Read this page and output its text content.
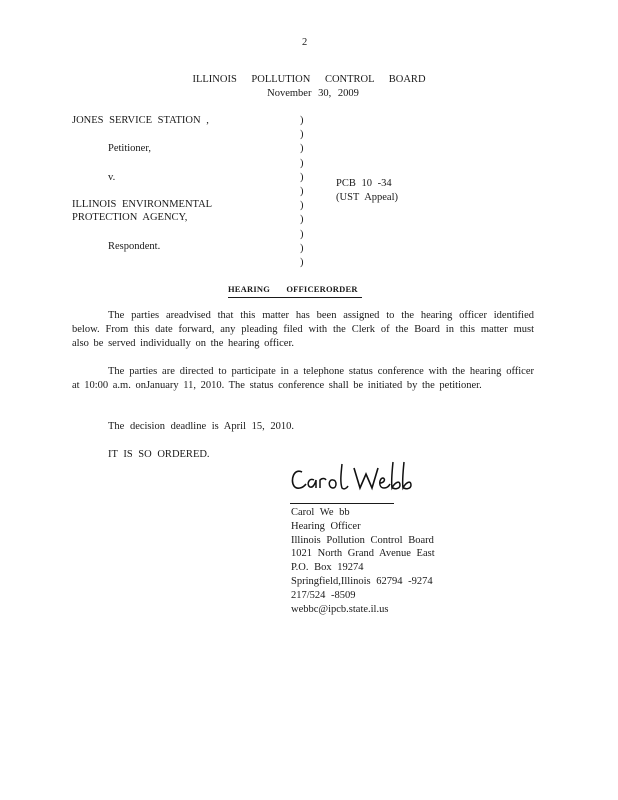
2
ILLINOIS POLLUTION CONTROL BOARD
November 30, 2009
JONES SERVICE STATION ,
Petitioner,
v.
ILLINOIS ENVIRONMENTAL
PROTECTION AGENCY,
Respondent.
)
)
)
)
)
)
)
)
)
)
)
PCB 10 -34
(UST Appeal)
HEARING OFFICERORDER
The parties areadvised that this matter has been assigned to the hearing officer identified below. From this date forward, any pleading filed with the Clerk of the Board in this matter must also be served individually on the hearing officer.
The parties are directed to participate in a telephone status conference with the hearing officer at 10:00 a.m. onJanuary 11, 2010. The status conference shall be initiated by the petitioner.
The decision deadline is April 15, 2010.
IT IS SO ORDERED.
Carol We bb
Hearing Officer
Illinois Pollution Control Board
1021 North Grand Avenue East
P.O. Box 19274
Springfield,Illinois 62794 -9274
217/524 -8509
webbc@ipcb.state.il.us
